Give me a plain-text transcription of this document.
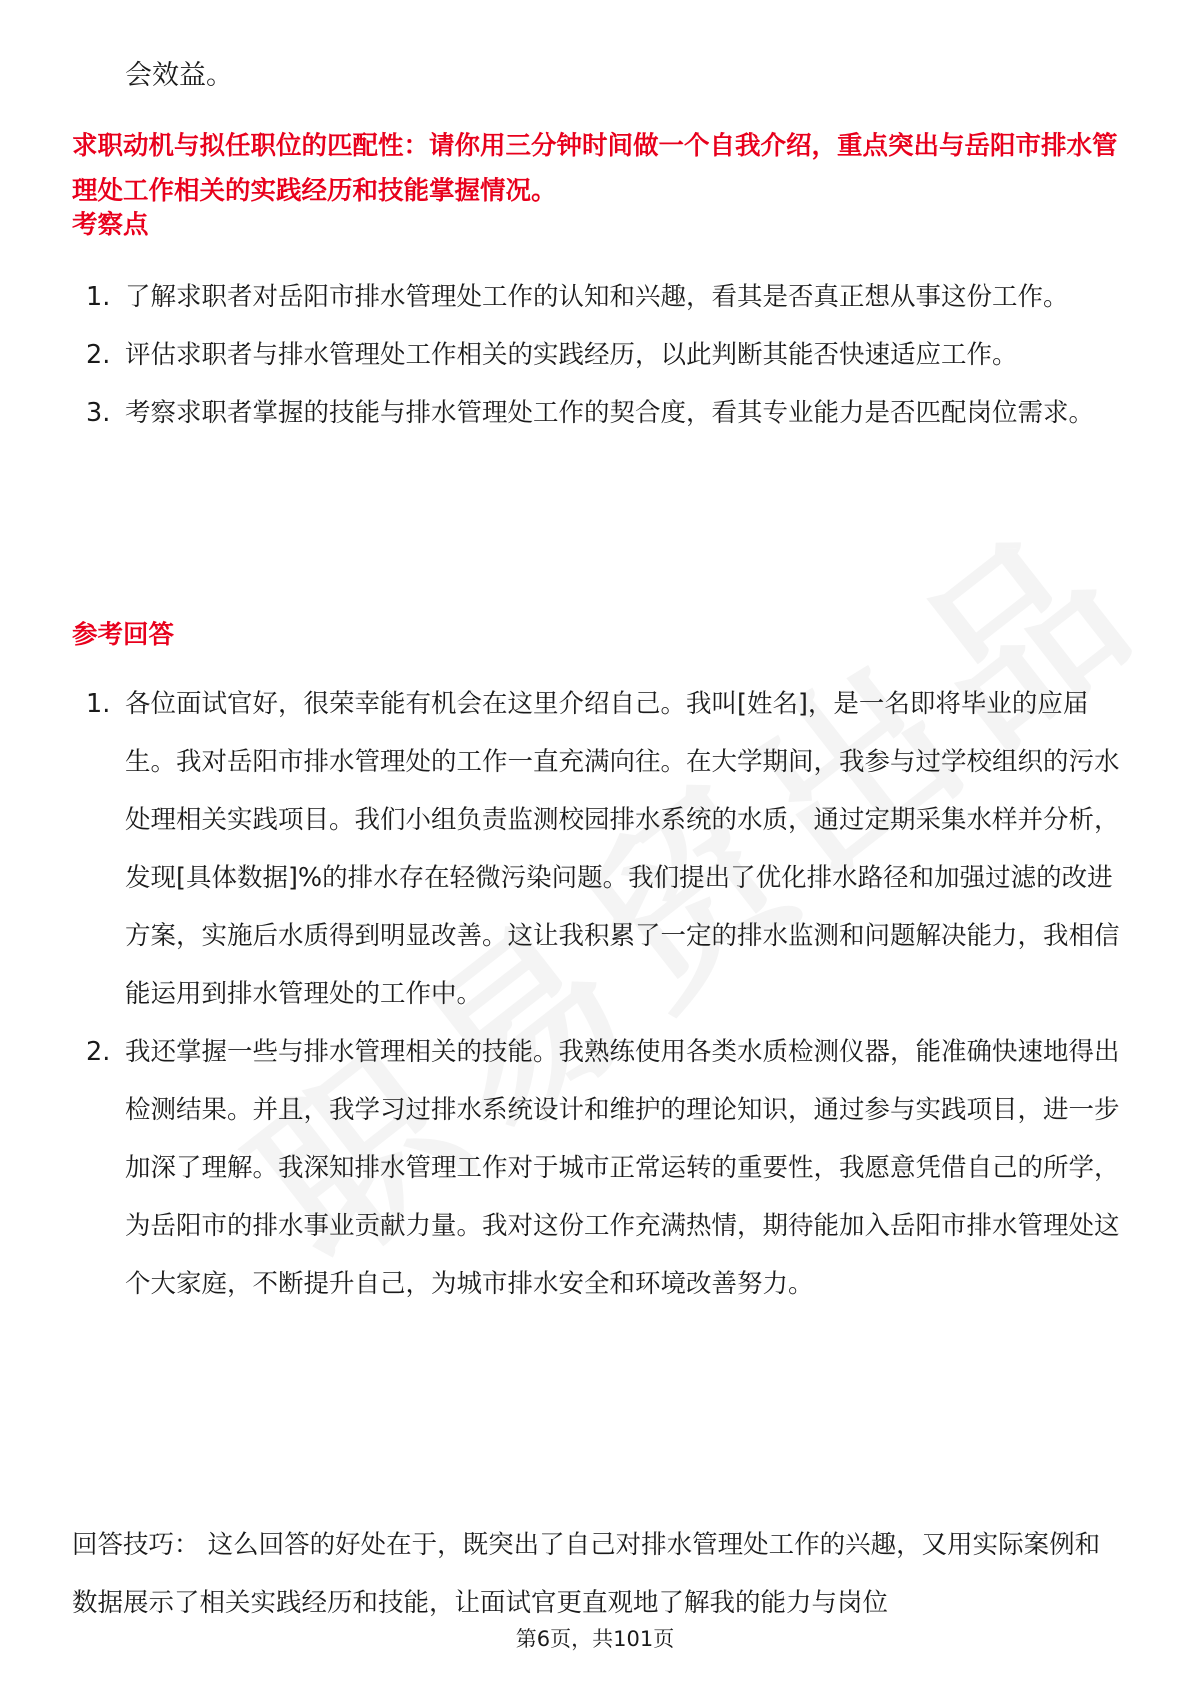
会效益。

求职动机与拟任职位的匹配性：请你用三分钟时间做一个自我介绍，重点突出与岳阳市排水管理处工作相关的实践经历和技能掌握情况。

考察点
1. 了解求职者对岳阳市排水管理处工作的认知和兴趣，看其是否真正想从事这份工作。
2. 评估求职者与排水管理处工作相关的实践经历，以此判断其能否快速适应工作。
3. 考察求职者掌握的技能与排水管理处工作的契合度，看其专业能力是否匹配岗位需求。
参考回答
1. 各位面试官好，很荣幸能有机会在这里介绍自己。我叫[姓名]，是一名即将毕业的应届生。我对岳阳市排水管理处的工作一直充满向往。在大学期间，我参与过学校组织的污水处理相关实践项目。我们小组负责监测校园排水系统的水质，通过定期采集水样并分析，发现[具体数据]%的排水存在轻微污染问题。我们提出了优化排水路径和加强过滤的改进方案，实施后水质得到明显改善。这让我积累了一定的排水监测和问题解决能力，我相信能运用到排水管理处的工作中。
2. 我还掌握一些与排水管理相关的技能。我熟练使用各类水质检测仪器，能准确快速地得出检测结果。并且，我学习过排水系统设计和维护的理论知识，通过参与实践项目，进一步加深了理解。我深知排水管理工作对于城市正常运转的重要性，我愿意凭借自己的所学，为岳阳市的排水事业贡献力量。我对这份工作充满热情，期待能加入岳阳市排水管理处这个大家庭，不断提升自己，为城市排水安全和环境改善努力。

回答技巧： 这么回答的好处在于，既突出了自己对排水管理处工作的兴趣，又用实际案例和数据展示了相关实践经历和技能，让面试官更直观地了解我的能力与岗位

第6页，共101页
